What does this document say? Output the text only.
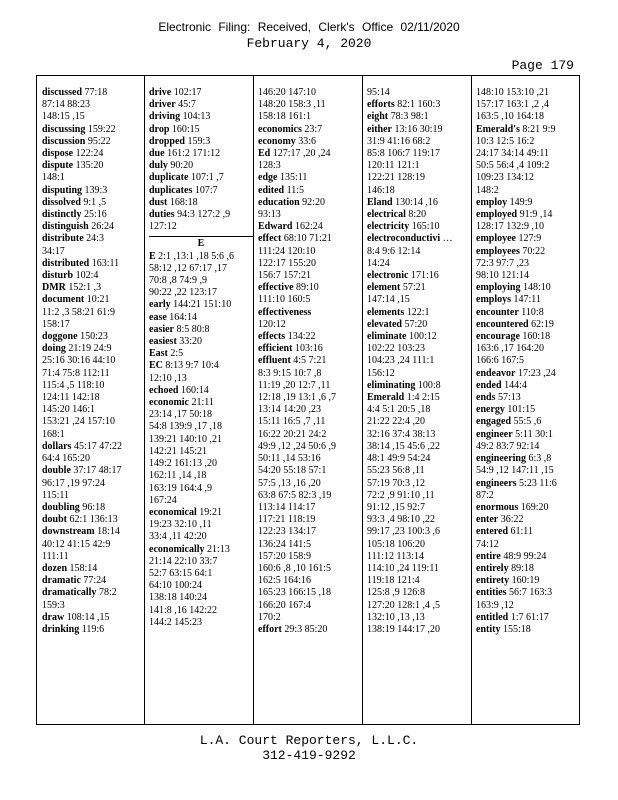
Electronic Filing: Received, Clerk's Office 02/11/2020
February 4, 2020
Page 179
discussed 77:18
87:14 88:23
148:15 ,15
discussing 159:22
discussion 95:22
dispose 122:24
dispute 135:20
148:1
disputing 139:3
dissolved 9:1 ,5
distinctly 25:16
distinguish 26:24
distribute 24:3
34:17
distributed 163:11
disturb 102:4
DMR 152:1 ,3
document 10:21
11:2 ,3 58:21 61:9
158:17
doggone 150:23
doing 21:19 24:9
25:16 30:16 44:10
71:4 75:8 112:11
115:4 ,5 118:10
124:11 142:18
145:20 146:1
153:21 ,24 157:10
168:1
dollars 45:17 47:22
64:4 165:20
double 37:17 48:17
96:17 ,19 97:24
115:11
doubling 96:18
doubt 62:1 136:13
downstream 18:14
40:12 41:15 42:9
111:11
dozen 158:14
dramatic 77:24
dramatically 78:2
159:3
draw 108:14 ,15
drinking 119:6
drive 102:17
driver 45:7
driving 104:13
drop 160:15
dropped 159:3
due 161:2 171:12
duly 90:20
duplicate 107:1 ,7
duplicates 107:7
dust 168:18
duties 94:3 127:2 ,9
127:12
E
E 2:1 ,13:1 ,18 5:6 ,6
58:12 ,12 67:17 ,17
70:8 ,8 74:9 ,9
90:22 ,22 123:17
early 144:21 151:10
ease 164:14
easier 8:5 80:8
easiest 33:20
East 2:5
EC 8:13 9:7 10:4
12:10 ,13
echoed 160:14
economic 21:11
23:14 ,17 50:18
54:8 139:9 ,17 ,18
139:21 140:10 ,21
142:21 145:21
149:2 161:13 ,20
162:11 ,14 ,18
163:19 164:4 ,9
167:24
economical 19:21
19:23 32:10 ,11
33:4 ,11 42:20
economically 21:13
21:14 22:10 33:7
52:7 63:15 64:1
64:10 100:24
138:18 140:24
141:8 ,16 142:22
144:2 145:23
146:20 147:10
148:20 158:3 ,11
158:18 161:1
economics 23:7
economy 33:6
Ed 127:17 ,20 ,24
128:3
edge 135:11
edited 11:5
education 92:20
93:13
Edward 162:24
effect 68:10 71:21
111:24 120:10
122:17 155:20
156:7 157:21
effective 89:10
111:10 160:5
effectiveness
120:12
effects 134:22
efficient 103:16
effluent 4:5 7:21
8:3 9:15 10:7 ,8
11:19 ,20 12:7 ,11
12:18 ,19 13:1 ,6 ,7
13:14 14:20 ,23
15:11 16:5 ,7 ,11
16:22 20:21 24:2
49:9 ,12 ,24 50:6 ,9
50:11 ,14 53:16
54:20 55:18 57:1
57:5 ,13 ,16 ,20
63:8 67:5 82:3 ,19
113:14 114:17
117:21 118:19
122:23 134:17
136:24 141:5
157:20 158:9
160:6 ,8 ,10 161:5
162:5 164:16
165:23 166:15 ,18
166:20 167:4
170:2
effort 29:3 85:20
95:14
efforts 82:1 160:3
eight 78:3 98:1
either 13:16 30:19
31:9 41:16 68:2
85:8 106:7 119:17
120:11 121:1
122:21 128:19
146:18
Eland 130:14 ,16
electrical 8:20
electricity 165:10
electroconductivi …
8:4 9:6 12:14
14:24
electronic 171:16
element 57:21
147:14 ,15
elements 122:1
elevated 57:20
eliminate 100:12
102:22 103:23
104:23 ,24 111:1
156:12
eliminating 100:8
Emerald 1:4 2:15
4:4 5:1 20:5 ,18
21:22 22:4 ,20
32:16 37:4 38:13
38:14 ,15 45:6 ,22
48:1 49:9 54:24
55:23 56:8 ,11
57:19 70:3 ,12
72:2 ,9 91:10 ,11
91:12 ,15 92:7
93:3 ,4 98:10 ,22
99:17 ,23 100:3 ,6
105:18 106:20
111:12 113:14
114:10 ,24 119:11
119:18 121:4
125:8 ,9 126:8
127:20 128:1 ,4 ,5
132:10 ,13 ,13
138:19 144:17 ,20
148:10 153:10 ,21
157:17 163:1 ,2 ,4
163:5 ,10 164:18
Emerald's 8:21 9:9
10:3 12:5 16:2
24:17 34:14 49:11
50:5 56:4 ,4 109:2
109:23 134:12
148:2
employ 149:9
employed 91:9 ,14
128:17 132:9 ,10
employee 127:9
employees 70:22
72:3 97:7 ,23
98:10 121:14
employing 148:10
employs 147:11
encounter 110:8
encountered 62:19
encourage 160:18
163:6 ,17 164:20
166:6 167:5
endeavor 17:23 ,24
ended 144:4
ends 57:13
energy 101:15
engaged 55:5 ,6
engineer 5:11 30:1
49:2 83:7 92:14
engineering 6:3 ,8
54:9 ,12 147:11 ,15
engineers 5:23 11:6
87:2
enormous 169:20
enter 36:22
entered 61:11
74:12
entire 48:9 99:24
entirely 89:18
entirety 160:19
entities 56:7 163:3
163:9 ,12
entitled 1:7 61:17
entity 155:18
L.A. Court Reporters, L.L.C.
312-419-9292
